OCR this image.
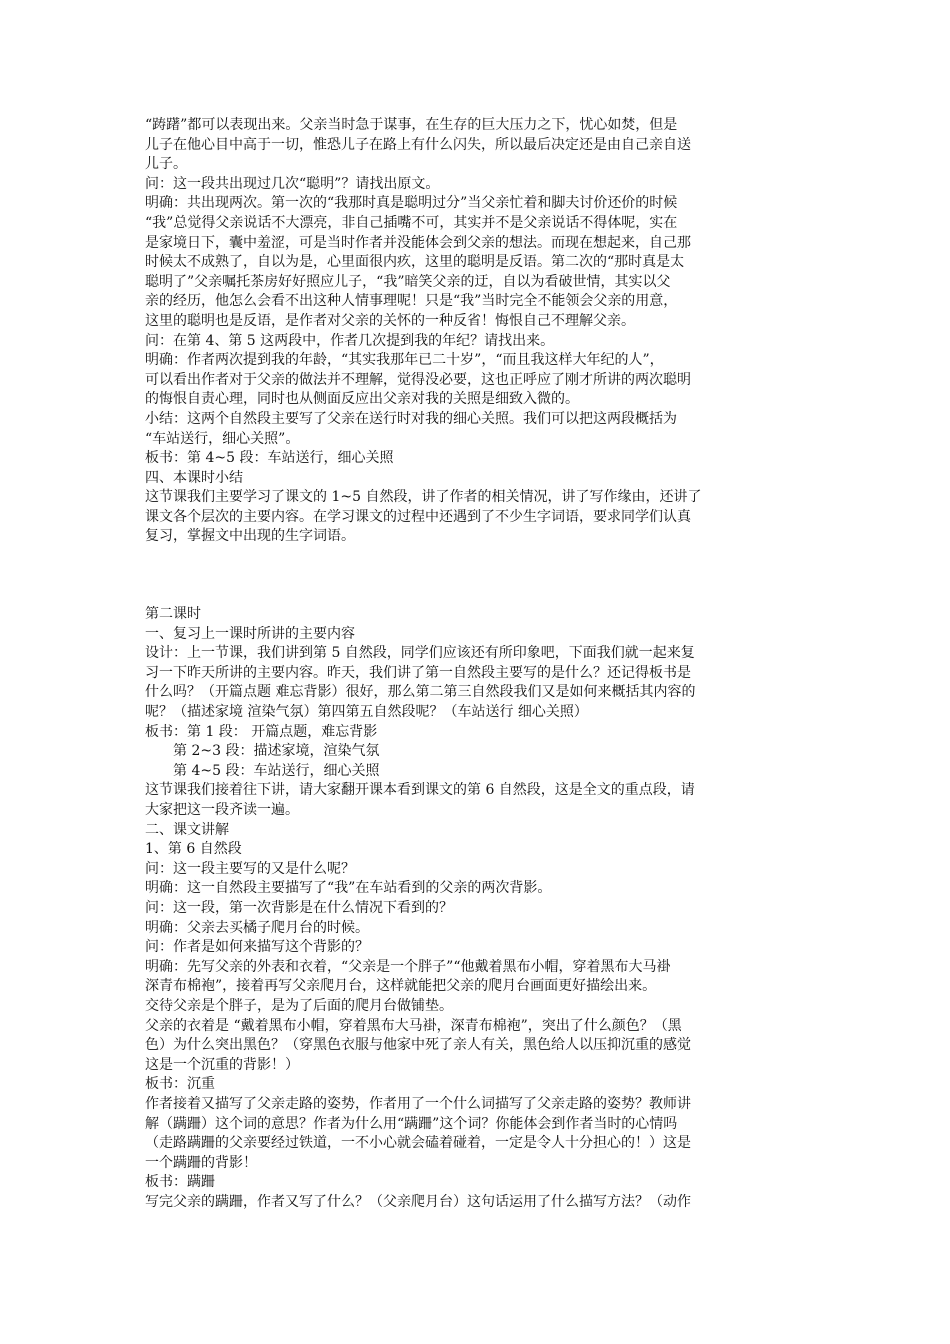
“踌躇”都可以表现出来。父亲当时急于谋事，在生存的巨大压力之下，忧心如焚，但是
儿子在他心目中高于一切，惟恐儿子在路上有什么闪失，所以最后决定还是由自己亲自送
儿子。
问：这一段共出现过几次“聪明”？请找出原文。
明确：共出现两次。第一次的“我那时真是聪明过分”当父亲忙着和脚夫讨价还价的时候
“我”总觉得父亲说话不大漂亮，非自己插嘴不可，其实并不是父亲说话不得体呢，实在
是家境日下，囊中羞涩，可是当时作者并没能体会到父亲的想法。而现在想起来，自己那
时候太不成熟了，自以为是，心里面很内疚，这里的聪明是反语。第二次的“那时真是太
聪明了”父亲嘱托茶房好好照应儿子，“我”暗笑父亲的迂，自以为看破世情，其实以父
亲的经历，他怎么会看不出这种人情事理呢！只是“我”当时完全不能领会父亲的用意，
这里的聪明也是反语，是作者对父亲的关怀的一种反省！悔恨自己不理解父亲。
问：在第 4、第 5 这两段中，作者几次提到我的年纪？请找出来。
明确：作者两次提到我的年龄，“其实我那年已二十岁”，“而且我这样大年纪的人”，
可以看出作者对于父亲的做法并不理解，觉得没必要，这也正呼应了刚才所讲的两次聪明
的悔恨自责心理，同时也从侧面反应出父亲对我的关照是细致入微的。
小结：这两个自然段主要写了父亲在送行时对我的细心关照。我们可以把这两段概括为
“车站送行，细心关照”。
板书：第 4~5 段：车站送行，细心关照
四、本课时小结
这节课我们主要学习了课文的 1~5 自然段，讲了作者的相关情况，讲了写作缘由，还讲了
课文各个层次的主要内容。在学习课文的过程中还遇到了不少生字词语，要求同学们认真
复习，掌握文中出现的生字词语。
第二课时
一、复习上一课时所讲的主要内容
设计：上一节课，我们讲到第 5 自然段，同学们应该还有所印象吧，下面我们就一起来复
习一下昨天所讲的主要内容。昨天，我们讲了第一自然段主要写的是什么？还记得板书是
什么吗？（开篇点题 难忘背影）很好，那么第二第三自然段我们又是如何来概括其内容的
呢？（描述家境 渲染气氛）第四第五自然段呢？（车站送行 细心关照）
板书：第 1 段： 开篇点题，难忘背影
第 2~3 段：描述家境，渲染气氛
第 4~5 段：车站送行，细心关照
这节课我们接着往下讲，请大家翻开课本看到课文的第 6 自然段，这是全文的重点段，请
大家把这一段齐读一遍。
二、课文讲解
1、第 6 自然段
问：这一段主要写的又是什么呢？
明确：这一自然段主要描写了“我”在车站看到的父亲的两次背影。
问：这一段，第一次背影是在什么情况下看到的？
明确：父亲去买橘子爬月台的时候。
问：作者是如何来描写这个背影的？
明确：先写父亲的外表和衣着，“父亲是一个胖子”“他戴着黑布小帽，穿着黑布大马褂
深青布棉袍”，接着再写父亲爬月台，这样就能把父亲的爬月台画面更好描绘出来。
交待父亲是个胖子，是为了后面的爬月台做铺垫。
父亲的衣着是 “戴着黑布小帽，穿着黑布大马褂，深青布棉袍”，突出了什么颜色？（黑
色）为什么突出黑色？（穿黑色衣服与他家中死了亲人有关，黑色给人以压抑沉重的感觉
这是一个沉重的背影！）
板书：沉重
作者接着又描写了父亲走路的姿势，作者用了一个什么词描写了父亲走路的姿势？教师讲
解（蹒跚）这个词的意思？作者为什么用“蹒跚”这个词？你能体会到作者当时的心情吗
（走路蹒跚的父亲要经过铁道，一不小心就会磕着碰着，一定是令人十分担心的！）这是
一个蹒跚的背影！
板书：蹒跚
写完父亲的蹒跚，作者又写了什么？（父亲爬月台）这句话运用了什么描写方法？（动作
